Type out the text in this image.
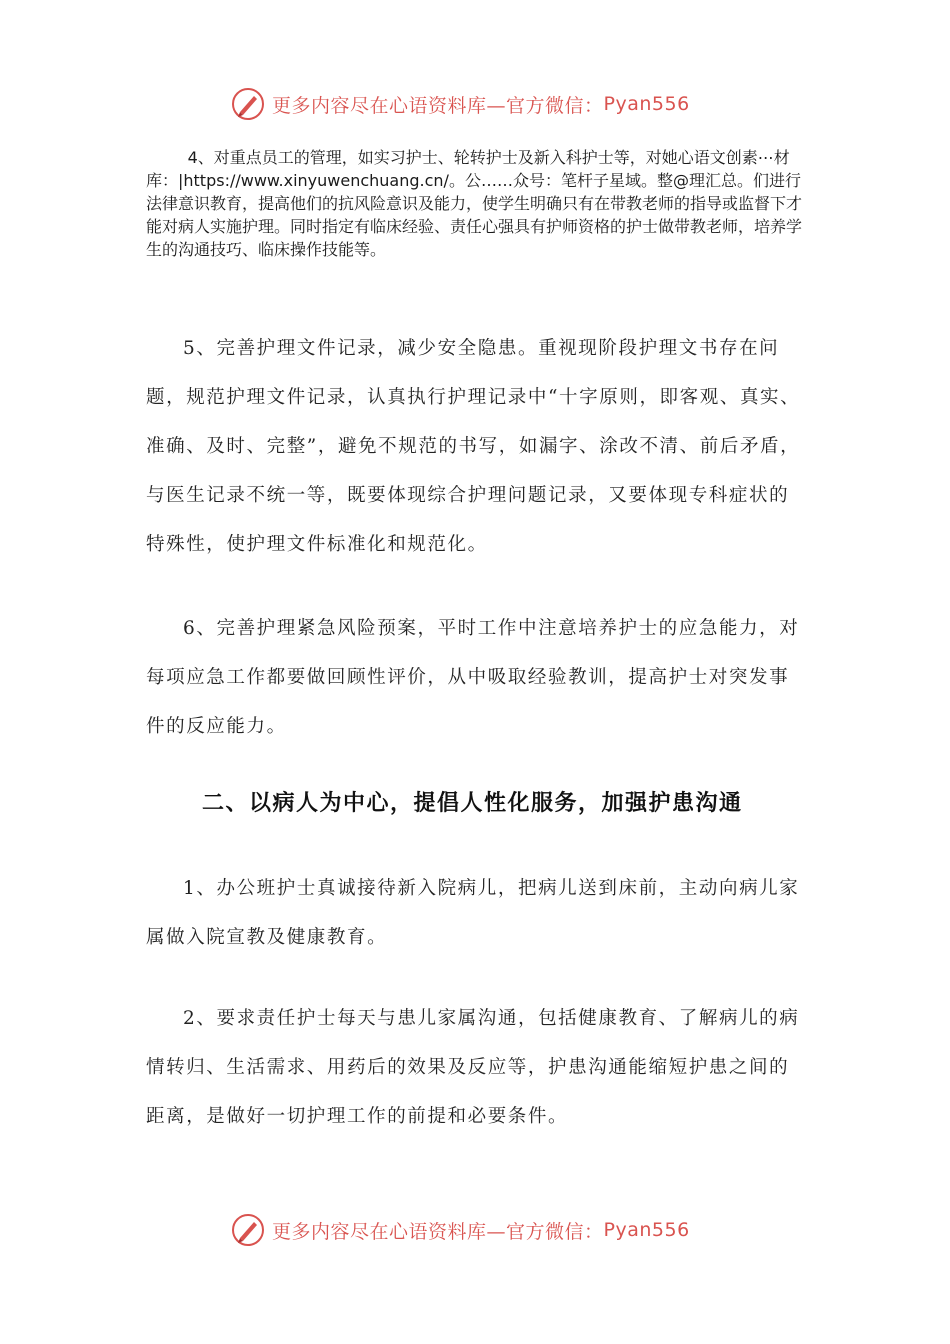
更多内容尽在心语资料库—官方微信： Pyan556

4、对重点员工的管理，如实习护士、轮转护士及新入科护士等，对她心语文创素⋯材库：|https://www.xinyuwenchuang.cn/。公……众号：笔杆子星域。整@理汇总。们进行法律意识教育，提高他们的抗风险意识及能力，使学生明确只有在带教老师的指导或监督下才能对病人实施护理。同时指定有临床经验、责任心强具有护师资格的护士做带教老师，培养学生的沟通技巧、临床操作技能等。

5、完善护理文件记录，减少安全隐患。重视现阶段护理文书存在问题，规范护理文件记录，认真执行护理记录中“十字原则，即客观、真实、准确、及时、完整”，避免不规范的书写，如漏字、涂改不清、前后矛盾，与医生记录不统一等，既要体现综合护理问题记录，又要体现专科症状的特殊性，使护理文件标准化和规范化。

6、完善护理紧急风险预案，平时工作中注意培养护士的应急能力，对每项应急工作都要做回顾性评价，从中吸取经验教训，提高护士对突发事件的反应能力。

二、以病人为中心，提倡人性化服务，加强护患沟通

1、办公班护士真诚接待新入院病儿，把病儿送到床前，主动向病儿家属做入院宣教及健康教育。

2、要求责任护士每天与患儿家属沟通，包括健康教育、了解病儿的病情转归、生活需求、用药后的效果及反应等，护患沟通能缩短护患之间的距离，是做好一切护理工作的前提和必要条件。

更多内容尽在心语资料库—官方微信： Pyan556
